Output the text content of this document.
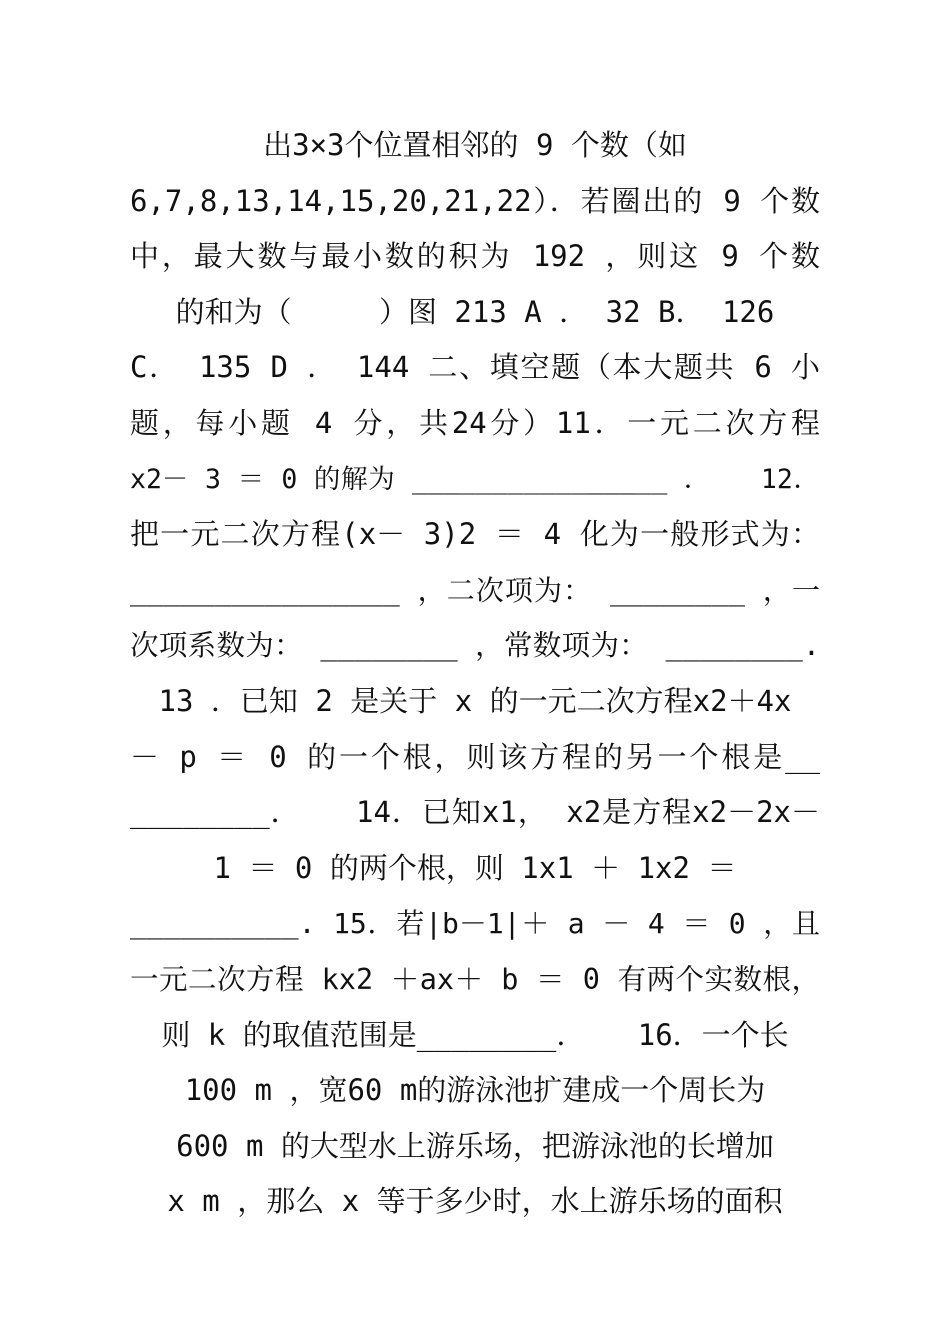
出3×3个位置相邻的 9 个数（如
6,7,8,13,14,15,20,21,22）．若圈出的 9 个数
中，最大数与最小数的积为 192 ，则这 9 个数
的和为（     ）图 213 A ． 32 B． 126
C． 135 D ． 144 二、填空题（本大题共 6 小
题，每小题 4 分，共24分）11．一元二次方程
x2－ 3 ＝ 0 的解为 ________________ ．   12．
把一元二次方程(x－ 3)2 ＝ 4 化为一般形式为：
________________ ，二次项为： ________ ，一
次项系数为： ________ ，常数项为： ________.
13 ．已知 2 是关于 x 的一元二次方程x2＋4x
－ p ＝ 0 的一个根，则该方程的另一个根是__
________．   14．已知x1， x2是方程x2－2x－
1 ＝ 0 的两个根，则 1x1 ＋ 1x2 ＝
__________. 15．若|b－1|＋ a － 4 ＝ 0 ，且
一元二次方程 kx2 ＋ax＋ b ＝ 0 有两个实数根，
则 k 的取值范围是________．   16．一个长
100 m ，宽60 m的游泳池扩建成一个周长为
600 m 的大型水上游乐场，把游泳池的长增加
x m ，那么 x 等于多少时，水上游乐场的面积
